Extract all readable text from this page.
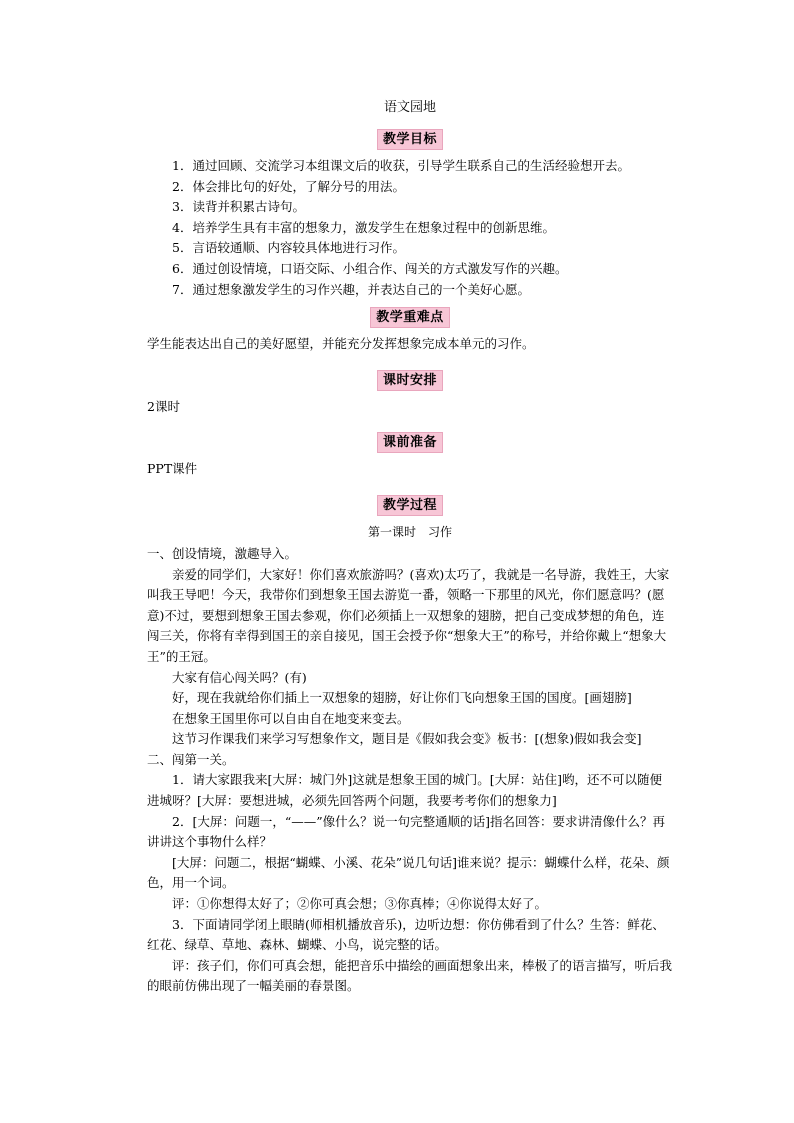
语文园地
教学目标

1．通过回顾、交流学习本组课文后的收获，引导学生联系自己的生活经验想开去。

2．体会排比句的好处，了解分号的用法。

3．读背并积累古诗句。

4．培养学生具有丰富的想象力，激发学生在想象过程中的创新思维。

5．言语较通顺、内容较具体地进行习作。

6．通过创设情境，口语交际、小组合作、闯关的方式激发写作的兴趣。

7．通过想象激发学生的习作兴趣，并表达自己的一个美好心愿。

教学重难点

学生能表达出自己的美好愿望，并能充分发挥想象完成本单元的习作。

课时安排

2课时

课前准备

PPT课件

教学过程
第一课时　习作

一、创设情境，激趣导入。

亲爱的同学们，大家好！你们喜欢旅游吗？(喜欢)太巧了，我就是一名导游，我姓王，大家叫我王导吧！今天，我带你们到想象王国去游览一番，领略一下那里的风光，你们愿意吗？(愿意)不过，要想到想象王国去参观，你们必须插上一双想象的翅膀，把自己变成梦想的角色，连闯三关，你将有幸得到国王的亲自接见，国王会授予你“想象大王”的称号，并给你戴上“想象大王”的王冠。

大家有信心闯关吗？(有)

好，现在我就给你们插上一双想象的翅膀，好让你们飞向想象王国的国度。[画翅膀]

在想象王国里你可以自由自在地变来变去。

这节习作课我们来学习写想象作文，题目是《假如我会变》板书：[(想象)假如我会变]

二、闯第一关。

1．请大家跟我来[大屏：城门外]这就是想象王国的城门。[大屏：站住]哟，还不可以随便进城呀？[大屏：要想进城，必须先回答两个问题，我要考考你们的想象力]

2．[大屏：问题一，“——”像什么？说一句完整通顺的话]指名回答：要求讲清像什么？再讲讲这个事物什么样？

[大屏：问题二，根据“蝴蝶、小溪、花朵”说几句话]谁来说？提示：蝴蝶什么样，花朵、颜色，用一个词。

评：①你想得太好了；②你可真会想；③你真棒；④你说得太好了。

3．下面请同学闭上眼睛(师相机播放音乐)，边听边想：你仿佛看到了什么？生答：鲜花、红花、绿草、草地、森林、蝴蝶、小鸟，说完整的话。

评：孩子们，你们可真会想，能把音乐中描绘的画面想象出来，棒极了的语言描写，听后我的眼前仿佛出现了一幅美丽的春景图。
